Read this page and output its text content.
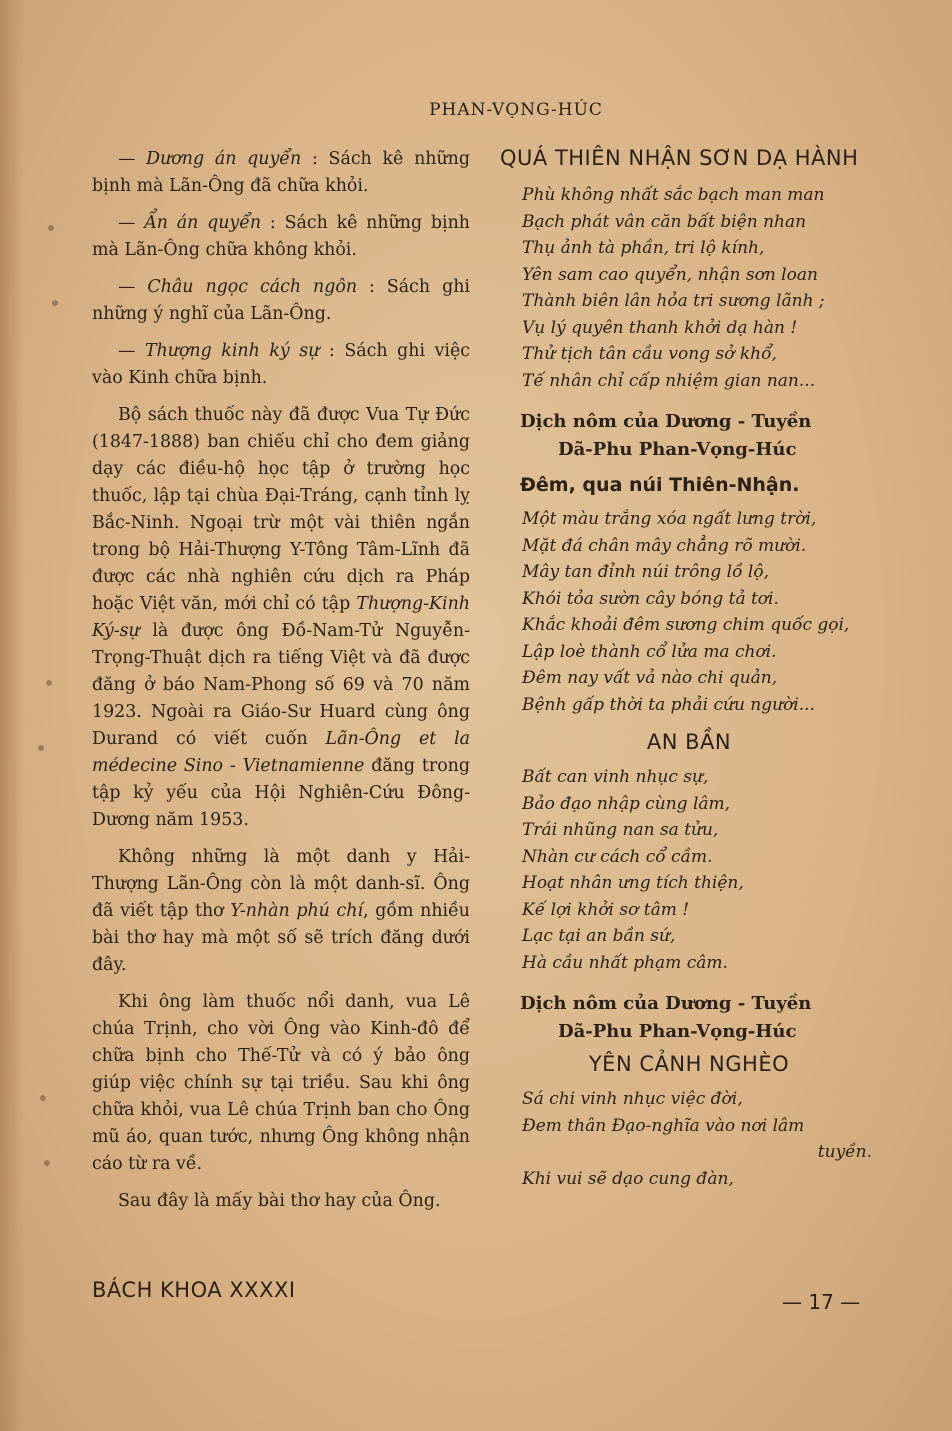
PHAN-VỌNG-HÚC

— Dương án quyển : Sách kê những bịnh mà Lãn-Ông đã chữa khỏi.

— Ẩn án quyển : Sách kê những bịnh mà Lãn-Ông chữa không khỏi.

— Châu ngọc cách ngôn : Sách ghi những ý nghĩ của Lãn-Ông.

— Thượng kinh ký sự : Sách ghi việc vào Kinh chữa bịnh.

Bộ sách thuốc này đã được Vua Tự Đức (1847-1888) ban chiếu chỉ cho đem giảng dạy các điều-hộ học tập ở trường học thuốc, lập tại chùa Đại-Tráng, cạnh tỉnh lỵ Bắc-Ninh. Ngoại trừ một vài thiên ngắn trong bộ Hải-Thượng Y-Tông Tâm-Lĩnh đã được các nhà nghiên cứu dịch ra Pháp hoặc Việt văn, mới chỉ có tập Thượng-Kinh Ký-sự là được ông Đồ-Nam-Tử Nguyễn-Trọng-Thuật dịch ra tiếng Việt và đã được đăng ở báo Nam-Phong số 69 và 70 năm 1923. Ngoài ra Giáo-Sư Huard cùng ông Durand có viết cuốn Lãn-Ông et la médecine Sino - Vietnamienne đăng trong tập kỷ yếu của Hội Nghiên-Cứu Đông-Dương năm 1953.

Không những là một danh y Hải-Thượng Lãn-Ông còn là một danh-sĩ. Ông đã viết tập thơ Y-nhàn phú chí, gồm nhiều bài thơ hay mà một số sẽ trích đăng dưới đây.

Khi ông làm thuốc nổi danh, vua Lê chúa Trịnh, cho vời Ông vào Kinh-đô để chữa bịnh cho Thế-Tử và có ý bảo ông giúp việc chính sự tại triều. Sau khi ông chữa khỏi, vua Lê chúa Trịnh ban cho Ông mũ áo, quan tước, nhưng Ông không nhận cáo từ ra về.

Sau đây là mấy bài thơ hay của Ông.

QUÁ THIÊN NHẬN SƠN DẠ HÀNH
Phù không nhất sắc bạch man man
Bạch phát vân căn bất biện nhan
Thụ ảnh tà phần, tri lộ kính,
Yên sam cao quyển, nhận sơn loan
Thành biên lân hỏa tri sương lãnh ;
Vụ lý quyên thanh khởi dạ hàn !
Thử tịch tân cầu vong sở khổ,
Tế nhân chỉ cấp nhiệm gian nan...
Dịch nôm của Dương - Tuyền
Dã-Phu Phan-Vọng-Húc
Đêm, qua núi Thiên-Nhận.
Một màu trắng xóa ngất lưng trời,
Mặt đá chân mây chẳng rõ mười.
Mây tan đỉnh núi trông lồ lộ,
Khói tỏa sườn cây bóng tả tơi.
Khắc khoải đêm sương chim quốc gọi,
Lập loè thành cổ lửa ma chơi.
Đêm nay vất vả nào chi quản,
Bệnh gấp thời ta phải cứu người...
AN BẦN
Bất can vinh nhục sự,
Bảo đạo nhập cùng lâm,
Trái nhũng nan sa tửu,
Nhàn cư cách cổ cầm.
Hoạt nhân ưng tích thiện,
Kế lợi khởi sơ tâm !
Lạc tại an bần sứ,
Hà cầu nhất phạm câm.
Dịch nôm của Dương - Tuyền
Dã-Phu Phan-Vọng-Húc
YÊN CẢNH NGHÈO
Sá chi vinh nhục việc đời,
Đem thân Đạo-nghĩa vào nơi lâm
tuyền.
Khi vui sẽ dạo cung đàn,
BÁCH KHOA XXXXI	— 17 —
